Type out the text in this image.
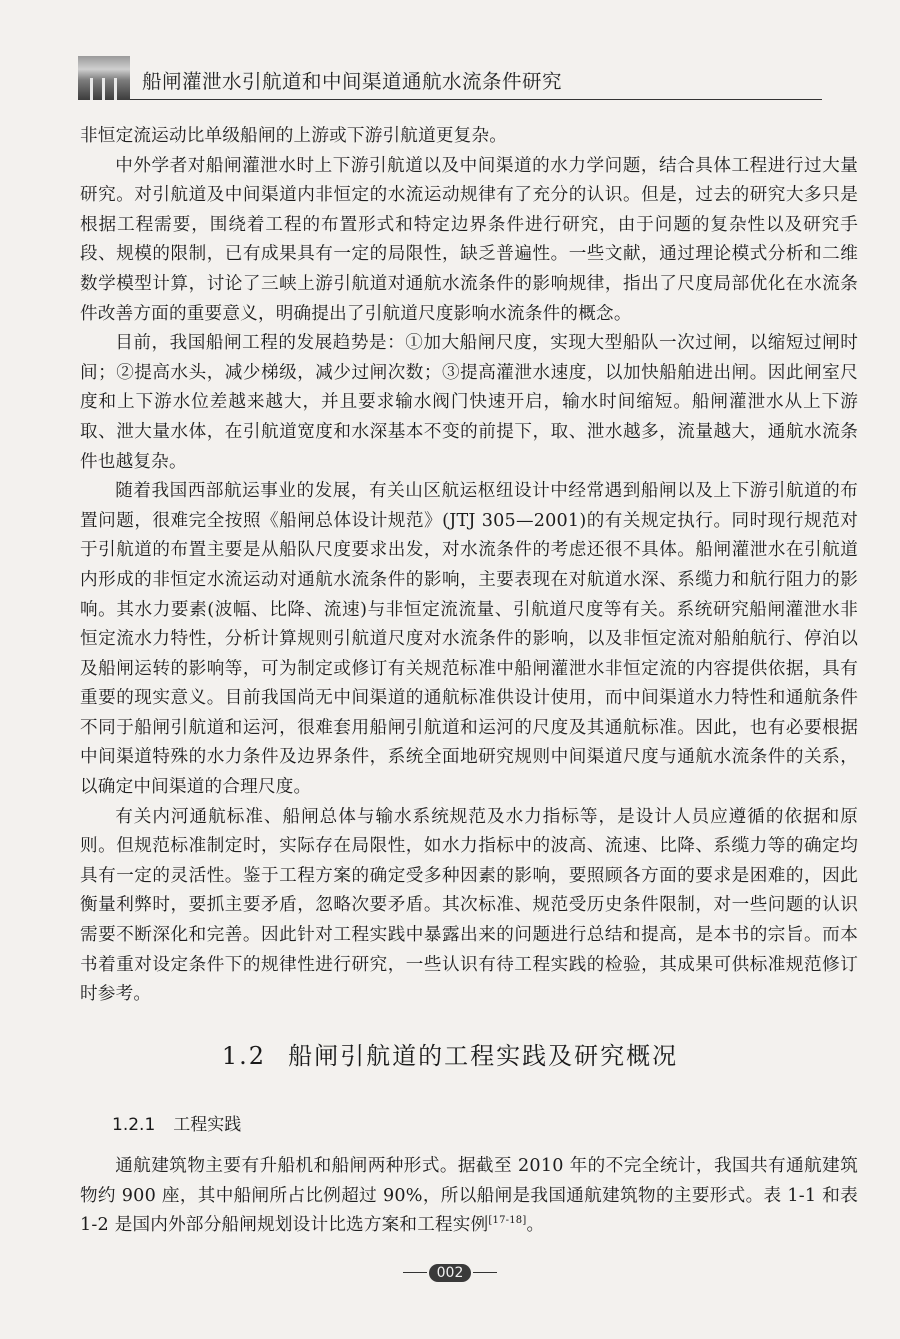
船闸灌泄水引航道和中间渠道通航水流条件研究

非恒定流运动比单级船闸的上游或下游引航道更复杂。

中外学者对船闸灌泄水时上下游引航道以及中间渠道的水力学问题，结合具体工程进行过大量研究。对引航道及中间渠道内非恒定的水流运动规律有了充分的认识。但是，过去的研究大多只是根据工程需要，围绕着工程的布置形式和特定边界条件进行研究，由于问题的复杂性以及研究手段、规模的限制，已有成果具有一定的局限性，缺乏普遍性。一些文献，通过理论模式分析和二维数学模型计算，讨论了三峡上游引航道对通航水流条件的影响规律，指出了尺度局部优化在水流条件改善方面的重要意义，明确提出了引航道尺度影响水流条件的概念。

目前，我国船闸工程的发展趋势是：①加大船闸尺度，实现大型船队一次过闸，以缩短过闸时间；②提高水头，减少梯级，减少过闸次数；③提高灌泄水速度，以加快船舶进出闸。因此闸室尺度和上下游水位差越来越大，并且要求输水阀门快速开启，输水时间缩短。船闸灌泄水从上下游取、泄大量水体，在引航道宽度和水深基本不变的前提下，取、泄水越多，流量越大，通航水流条件也越复杂。

随着我国西部航运事业的发展，有关山区航运枢纽设计中经常遇到船闸以及上下游引航道的布置问题，很难完全按照《船闸总体设计规范》(JTJ 305—2001)的有关规定执行。同时现行规范对于引航道的布置主要是从船队尺度要求出发，对水流条件的考虑还很不具体。船闸灌泄水在引航道内形成的非恒定水流运动对通航水流条件的影响，主要表现在对航道水深、系缆力和航行阻力的影响。其水力要素(波幅、比降、流速)与非恒定流流量、引航道尺度等有关。系统研究船闸灌泄水非恒定流水力特性，分析计算规则引航道尺度对水流条件的影响，以及非恒定流对船舶航行、停泊以及船闸运转的影响等，可为制定或修订有关规范标准中船闸灌泄水非恒定流的内容提供依据，具有重要的现实意义。目前我国尚无中间渠道的通航标准供设计使用，而中间渠道水力特性和通航条件不同于船闸引航道和运河，很难套用船闸引航道和运河的尺度及其通航标准。因此，也有必要根据中间渠道特殊的水力条件及边界条件，系统全面地研究规则中间渠道尺度与通航水流条件的关系，以确定中间渠道的合理尺度。

有关内河通航标准、船闸总体与输水系统规范及水力指标等，是设计人员应遵循的依据和原则。但规范标准制定时，实际存在局限性，如水力指标中的波高、流速、比降、系缆力等的确定均具有一定的灵活性。鉴于工程方案的确定受多种因素的影响，要照顾各方面的要求是困难的，因此衡量利弊时，要抓主要矛盾，忽略次要矛盾。其次标准、规范受历史条件限制，对一些问题的认识需要不断深化和完善。因此针对工程实践中暴露出来的问题进行总结和提高，是本书的宗旨。而本书着重对设定条件下的规律性进行研究，一些认识有待工程实践的检验，其成果可供标准规范修订时参考。

1.2 船闸引航道的工程实践及研究概况
1.2.1 工程实践

通航建筑物主要有升船机和船闸两种形式。据截至 2010 年的不完全统计，我国共有通航建筑物约 900 座，其中船闸所占比例超过 90%，所以船闸是我国通航建筑物的主要形式。表 1-1 和表 1-2 是国内外部分船闸规划设计比选方案和工程实例[17-18]。

002
